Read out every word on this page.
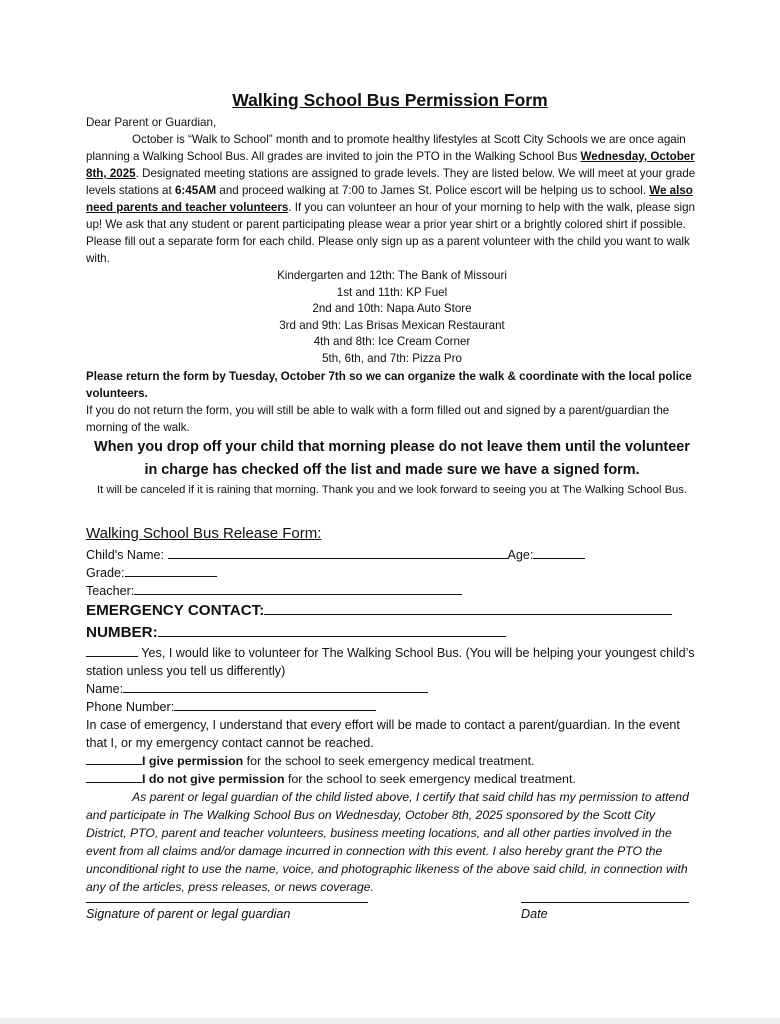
Walking School Bus Permission Form

Dear Parent or Guardian,

October is “Walk to School” month and to promote healthy lifestyles at Scott City Schools we are once again planning a Walking School Bus. All grades are invited to join the PTO in the Walking School Bus Wednesday, October 8th, 2025. Designated meeting stations are assigned to grade levels. They are listed below. We will meet at your grade levels stations at 6:45AM and proceed walking at 7:00 to James St. Police escort will be helping us to school. We also need parents and teacher volunteers. If you can volunteer an hour of your morning to help with the walk, please sign up! We ask that any student or parent participating please wear a prior year shirt or a brightly colored shirt if possible. Please fill out a separate form for each child. Please only sign up as a parent volunteer with the child you want to walk with.

Kindergarten and 12th: The Bank of Missouri
1st and 11th: KP Fuel
2nd and 10th: Napa Auto Store
3rd and 9th: Las Brisas Mexican Restaurant
4th and 8th: Ice Cream Corner
5th, 6th, and 7th: Pizza Pro

Please return the form by Tuesday, October 7th so we can organize the walk & coordinate with the local police volunteers.

If you do not return the form, you will still be able to walk with a form filled out and signed by a parent/guardian the morning of the walk.

When you drop off your child that morning please do not leave them until the volunteer in charge has checked off the list and made sure we have a signed form.

It will be canceled if it is raining that morning. Thank you and we look forward to seeing you at The Walking School Bus.

Walking School Bus Release Form:
Child's Name:	Age:
Grade:
Teacher:
EMERGENCY CONTACT:
NUMBER:
Yes, I would like to volunteer for The Walking School Bus. (You will be helping your youngest child’s station unless you tell us differently)
Name:
Phone Number:
In case of emergency, I understand that every effort will be made to contact a parent/guardian. In the event that I, or my emergency contact cannot be reached.
I give permission for the school to seek emergency medical treatment.
I do not give permission for the school to seek emergency medical treatment.
As parent or legal guardian of the child listed above, I certify that said child has my permission to attend and participate in The Walking School Bus on Wednesday, October 8th, 2025 sponsored by the Scott City District, PTO, parent and teacher volunteers, business meeting locations, and all other parties involved in the event from all claims and/or damage incurred in connection with this event. I also hereby grant the PTO the unconditional right to use the name, voice, and photographic likeness of the above said child, in connection with any of the articles, press releases, or news coverage.
Signature of parent or legal guardian	Date
